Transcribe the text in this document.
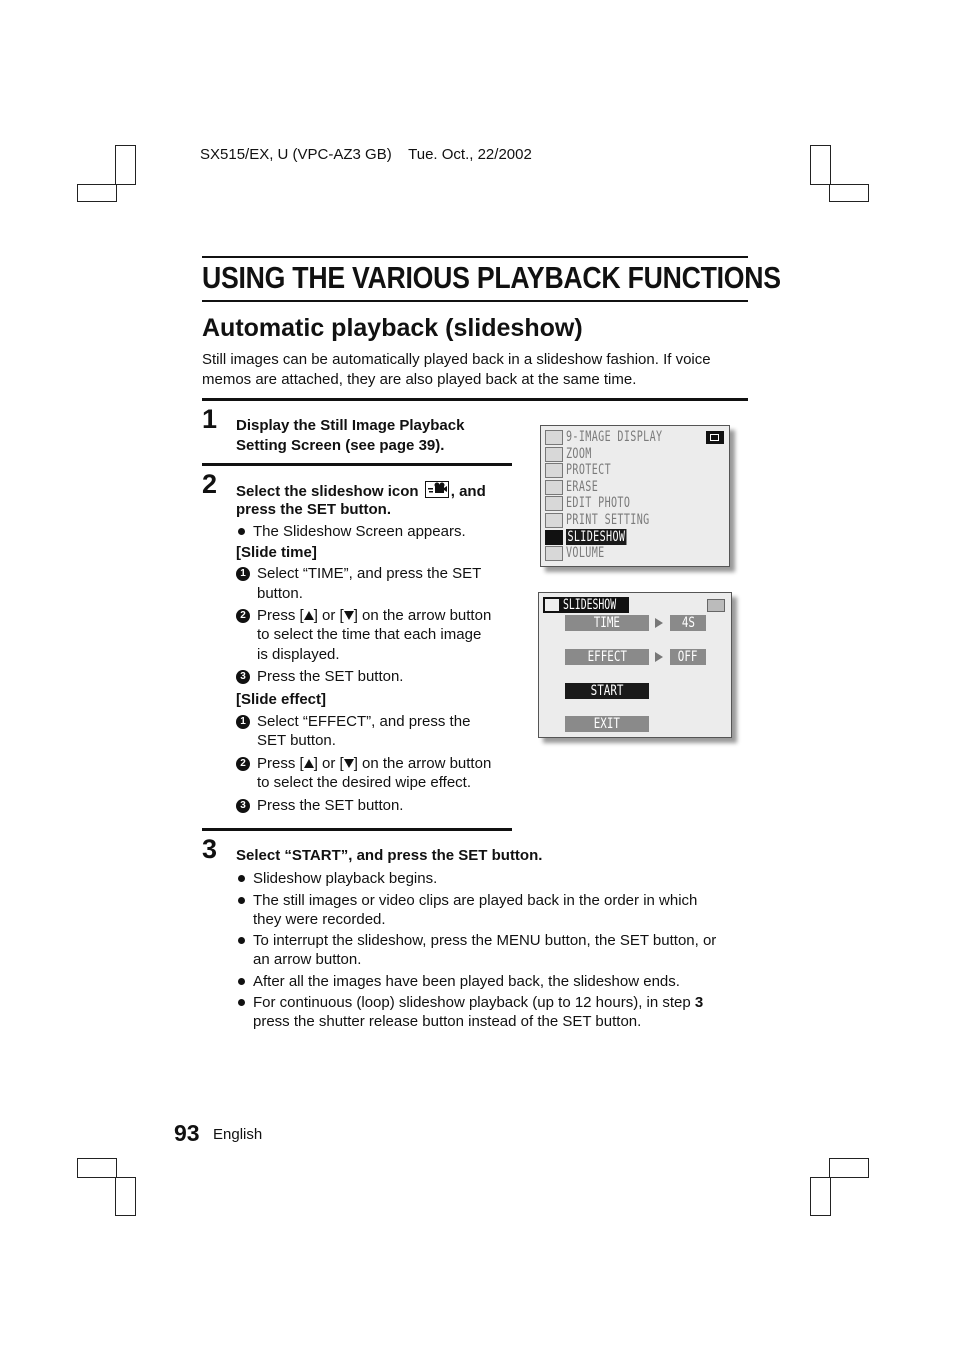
SX515/EX, U (VPC-AZ3 GB)    Tue. Oct., 22/2002
USING THE VARIOUS PLAYBACK FUNCTIONS
Automatic playback (slideshow)
Still images can be automatically played back in a slideshow fashion. If voice memos are attached, they are also played back at the same time.
1 Display the Still Image Playback
Setting Screen (see page 39).
2 Select the slideshow icon , and
press the SET button.
The Slideshow Screen appears.
[Slide time]
1 Select “TIME”, and press the SET
button.
2 Press [ ] or [ ] on the arrow button
to select the time that each image
is displayed.
3 Press the SET button.
[Slide effect]
1 Select “EFFECT”, and press the
SET button.
2 Press [ ] or [ ] on the arrow button
to select the desired wipe effect.
3 Press the SET button.
3 Select “START”, and press the SET button.
Slideshow playback begins.
The still images or video clips are played back in the order in which
they were recorded.
To interrupt the slideshow, press the MENU button, the SET button, or
an arrow button.
After all the images have been played back, the slideshow ends.
For continuous (loop) slideshow playback (up to 12 hours), in step 3
press the shutter release button instead of the SET button.
9-IMAGE DISPLAY
ZOOM
PROTECT
ERASE
EDIT PHOTO
PRINT SETTING
SLIDESHOW
VOLUME
SLIDESHOW
TIME	4S
EFFECT	OFF
START
EXIT
93 English
